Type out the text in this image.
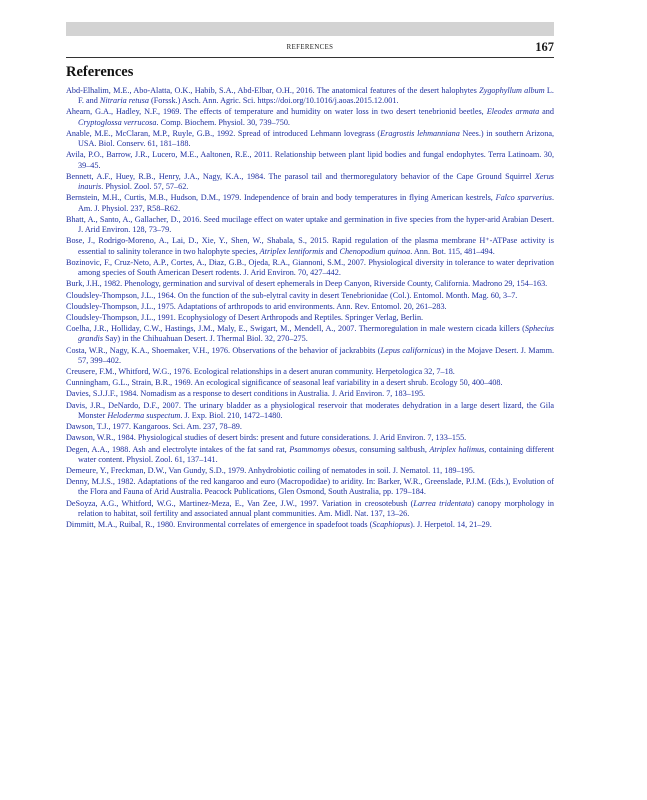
REFERENCES	167
References
Abd-Elhalim, M.E., Abo-Alatta, O.K., Habib, S.A., Abd-Elbar, O.H., 2016. The anatomical features of the desert halophytes Zygophyllum album L. F. and Nitraria retusa (Forssk.) Asch. Ann. Agric. Sci. https://doi.org/10.1016/j.aoas.2015.12.001.
Ahearn, G.A., Hadley, N.F., 1969. The effects of temperature and humidity on water loss in two desert tenebrionid beetles, Eleodes armata and Cryptoglossa verrucosa. Comp. Biochem. Physiol. 30, 739–750.
Anable, M.E., McClaran, M.P., Ruyle, G.B., 1992. Spread of introduced Lehmann lovegrass (Eragrostis lehmanniana Nees.) in southern Arizona, USA. Biol. Conserv. 61, 181–188.
Avila, P.O., Barrow, J.R., Lucero, M.E., Aaltonen, R.E., 2011. Relationship between plant lipid bodies and fungal endophytes. Terra Latinoam. 30, 39–45.
Bennett, A.F., Huey, R.B., Henry, J.A., Nagy, K.A., 1984. The parasol tail and thermoregulatory behavior of the Cape Ground Squirrel Xerus inauris. Physiol. Zool. 57, 57–62.
Bernstein, M.H., Curtis, M.B., Hudson, D.M., 1979. Independence of brain and body temperatures in flying American kestrels, Falco sparverius. Am. J. Physiol. 237, R58–R62.
Bhatt, A., Santo, A., Gallacher, D., 2016. Seed mucilage effect on water uptake and germination in five species from the hyper-arid Arabian Desert. J. Arid Environ. 128, 73–79.
Bose, J., Rodrigo-Moreno, A., Lai, D., Xie, Y., Shen, W., Shabala, S., 2015. Rapid regulation of the plasma membrane H⁺-ATPase activity is essential to salinity tolerance in two halophyte species, Atriplex lentiformis and Chenopodium quinoa. Ann. Bot. 115, 481–494.
Bozinovic, F., Cruz-Neto, A.P., Cortes, A., Diaz, G.B., Ojeda, R.A., Giannoni, S.M., 2007. Physiological diversity in tolerance to water deprivation among species of South American Desert rodents. J. Arid Environ. 70, 427–442.
Burk, J.H., 1982. Phenology, germination and survival of desert ephemerals in Deep Canyon, Riverside County, California. Madrono 29, 154–163.
Cloudsley-Thompson, J.L., 1964. On the function of the sub-elytral cavity in desert Tenebrionidae (Col.). Entomol. Month. Mag. 60, 3–7.
Cloudsley-Thompson, J.L., 1975. Adaptations of arthropods to arid environments. Ann. Rev. Entomol. 20, 261–283.
Cloudsley-Thompson, J.L., 1991. Ecophysiology of Desert Arthropods and Reptiles. Springer Verlag, Berlin.
Coelha, J.R., Holliday, C.W., Hastings, J.M., Maly, E., Swigart, M., Mendell, A., 2007. Thermoregulation in male western cicada killers (Sphecius grandis Say) in the Chihuahuan Desert. J. Thermal Biol. 32, 270–275.
Costa, W.R., Nagy, K.A., Shoemaker, V.H., 1976. Observations of the behavior of jackrabbits (Lepus californicus) in the Mojave Desert. J. Mamm. 57, 399–402.
Creusere, F.M., Whitford, W.G., 1976. Ecological relationships in a desert anuran community. Herpetologica 32, 7–18.
Cunningham, G.L., Strain, B.R., 1969. An ecological significance of seasonal leaf variability in a desert shrub. Ecology 50, 400–408.
Davies, S.J.J.F., 1984. Nomadism as a response to desert conditions in Australia. J. Arid Environ. 7, 183–195.
Davis, J.R., DeNardo, D.F., 2007. The urinary bladder as a physiological reservoir that moderates dehydration in a large desert lizard, the Gila Monster Heloderma suspectum. J. Exp. Biol. 210, 1472–1480.
Dawson, T.J., 1977. Kangaroos. Sci. Am. 237, 78–89.
Dawson, W.R., 1984. Physiological studies of desert birds: present and future considerations. J. Arid Environ. 7, 133–155.
Degen, A.A., 1988. Ash and electrolyte intakes of the fat sand rat, Psammomys obesus, consuming saltbush, Atriplex halimus, containing different water content. Physiol. Zool. 61, 137–141.
Demeure, Y., Freckman, D.W., Van Gundy, S.D., 1979. Anhydrobiotic coiling of nematodes in soil. J. Nematol. 11, 189–195.
Denny, M.J.S., 1982. Adaptations of the red kangaroo and euro (Macropodidae) to aridity. In: Barker, W.R., Greenslade, P.J.M. (Eds.), Evolution of the Flora and Fauna of Arid Australia. Peacock Publications, Glen Osmond, South Australia, pp. 179–184.
DeSoyza, A.G., Whitford, W.G., Martinez-Meza, E., Van Zee, J.W., 1997. Variation in creosotebush (Larrea tridentata) canopy morphology in relation to habitat, soil fertility and associated annual plant communities. Am. Midl. Nat. 137, 13–26.
Dimmitt, M.A., Ruibal, R., 1980. Environmental correlates of emergence in spadefoot toads (Scaphiopus). J. Herpetol. 14, 21–29.
